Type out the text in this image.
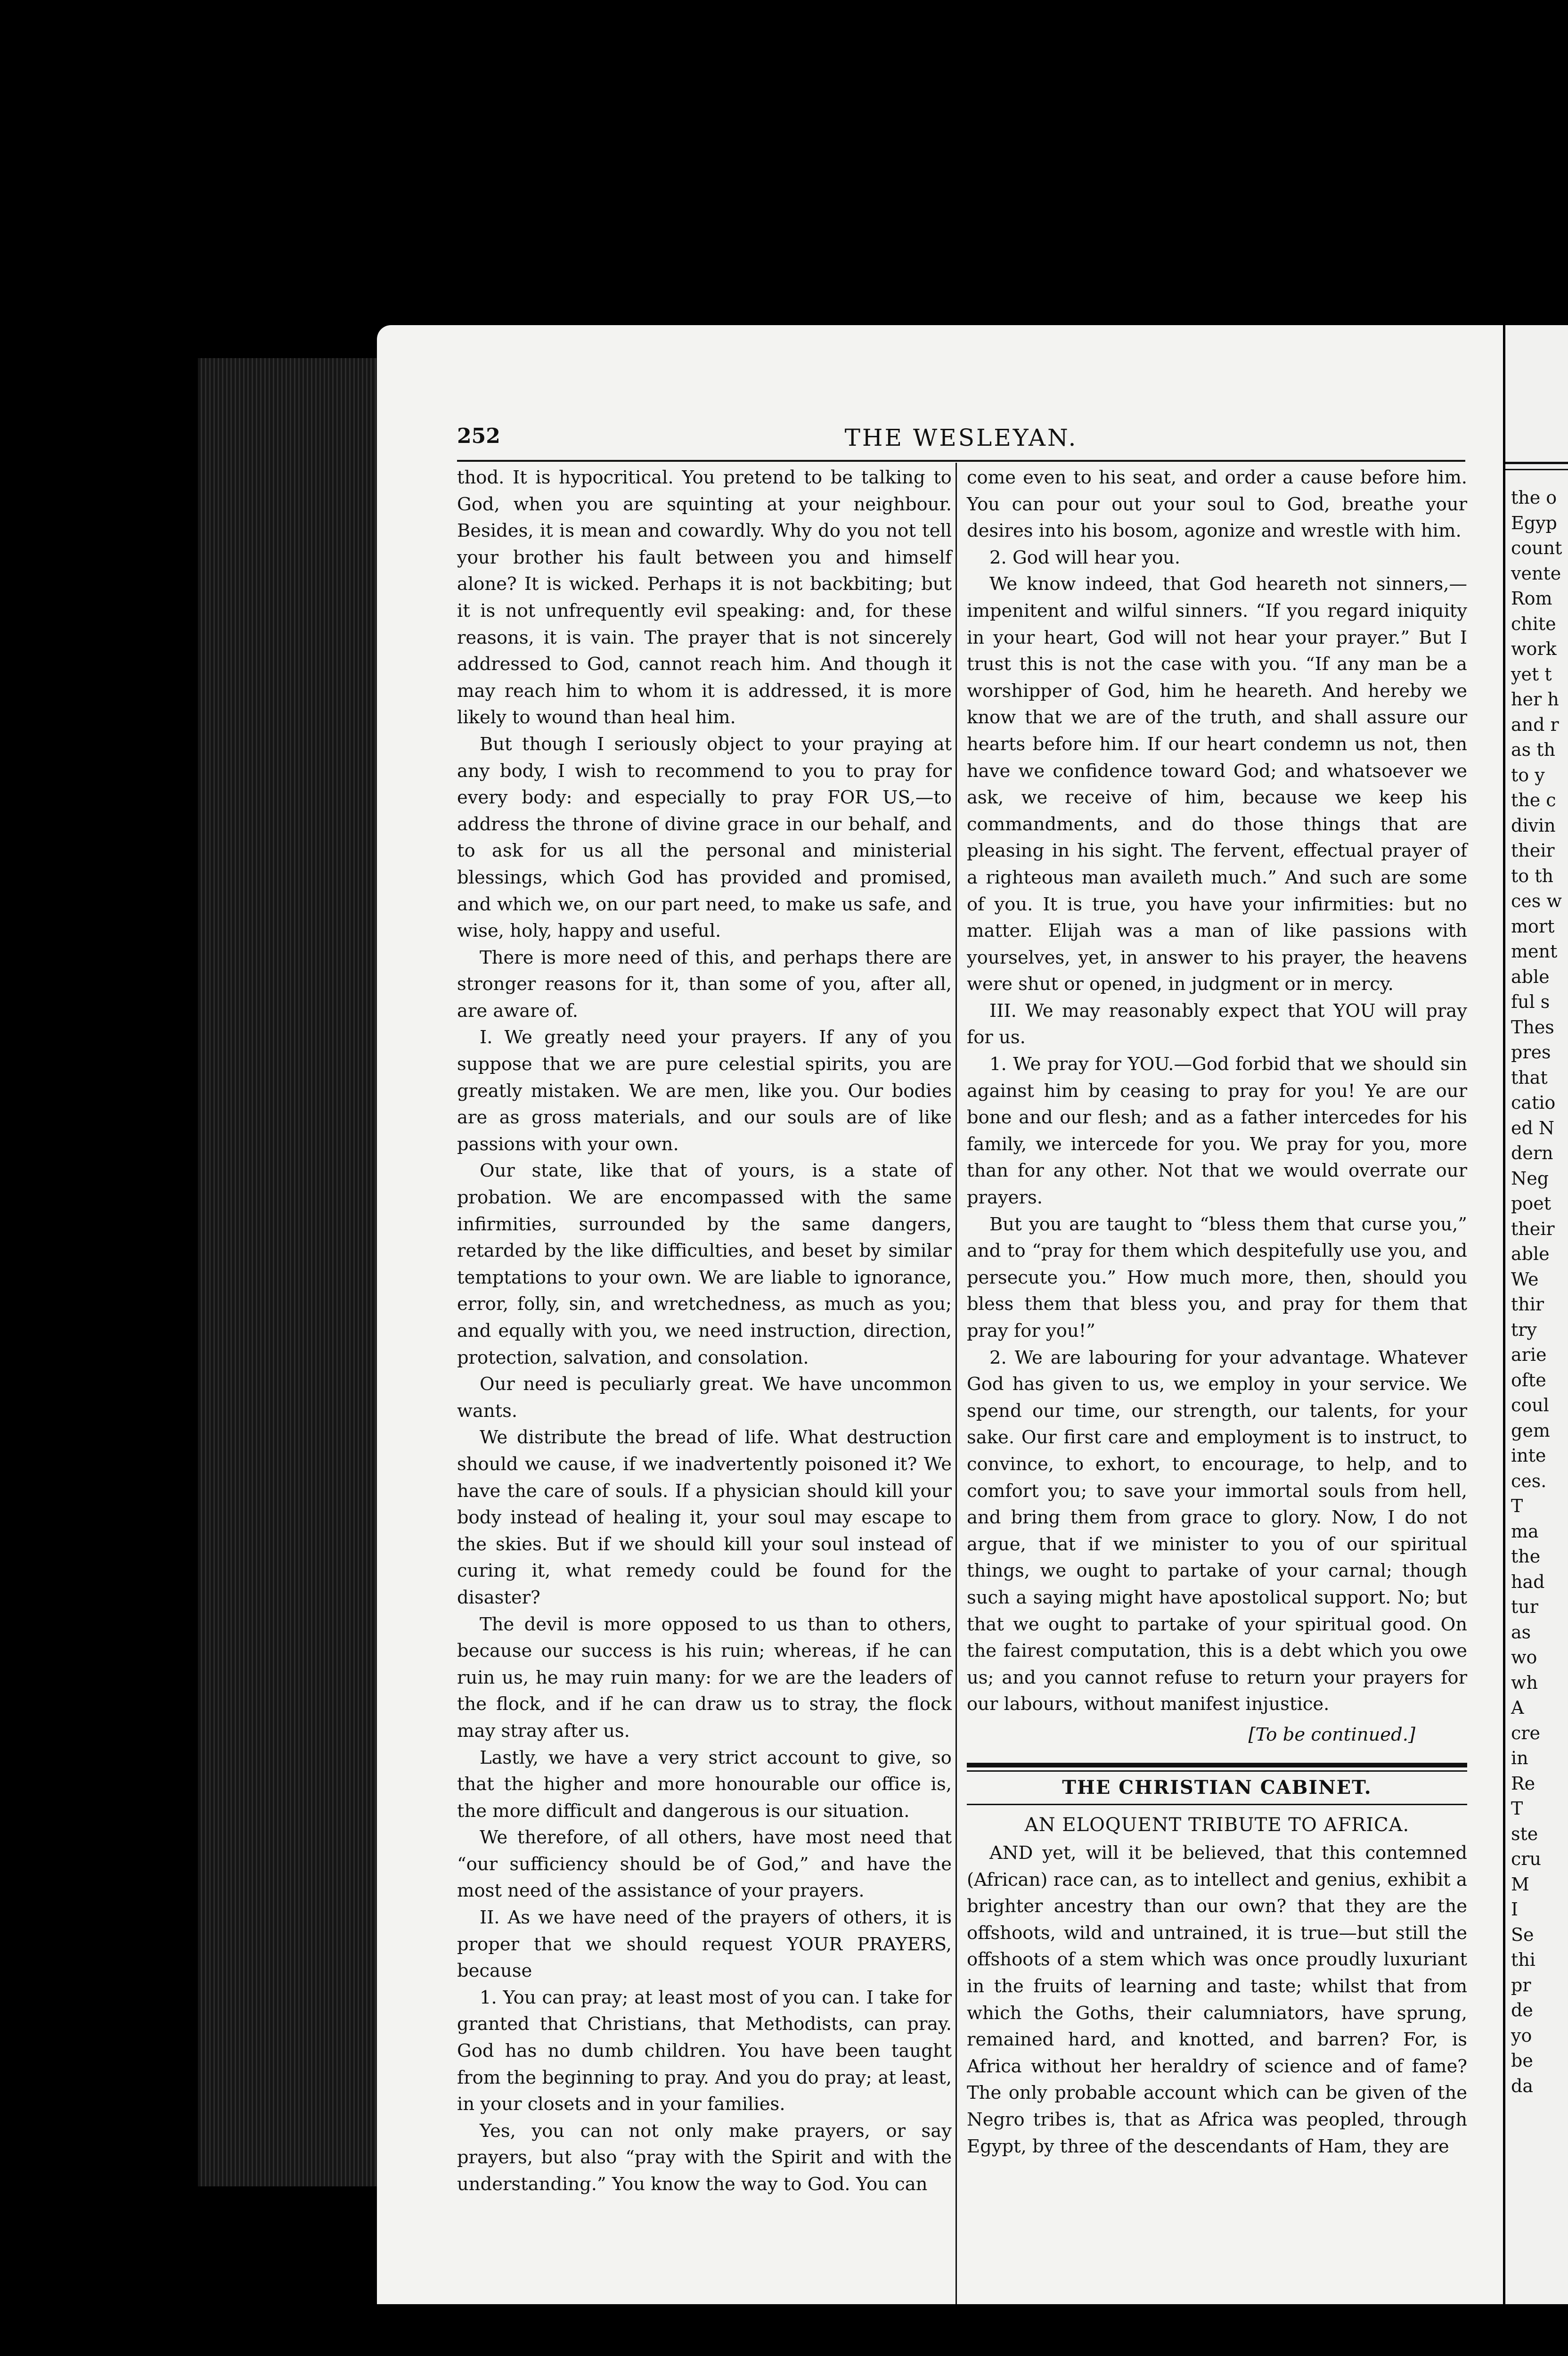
252	THE WESLEYAN.

thod. It is hypocritical. You pretend to be talking to God, when you are squinting at your neighbour. Besides, it is mean and cowardly. Why do you not tell your brother his fault between you and himself alone? It is wicked. Perhaps it is not backbiting; but it is not unfrequently evil speaking: and, for these reasons, it is vain. The prayer that is not sincerely addressed to God, cannot reach him. And though it may reach him to whom it is addressed, it is more likely to wound than heal him.

But though I seriously object to your praying at any body, I wish to recommend to you to pray for every body: and especially to pray FOR US,—to address the throne of divine grace in our behalf, and to ask for us all the personal and ministerial blessings, which God has provided and promised, and which we, on our part need, to make us safe, and wise, holy, happy and useful.

There is more need of this, and perhaps there are stronger reasons for it, than some of you, after all, are aware of.

I. We greatly need your prayers. If any of you suppose that we are pure celestial spirits, you are greatly mistaken. We are men, like you. Our bodies are as gross materials, and our souls are of like passions with your own.

Our state, like that of yours, is a state of probation. We are encompassed with the same infirmities, surrounded by the same dangers, retarded by the like difficulties, and beset by similar temptations to your own. We are liable to ignorance, error, folly, sin, and wretchedness, as much as you; and equally with you, we need instruction, direction, protection, salvation, and consolation.

Our need is peculiarly great. We have uncommon wants.

We distribute the bread of life. What destruction should we cause, if we inadvertently poisoned it? We have the care of souls. If a physician should kill your body instead of healing it, your soul may escape to the skies. But if we should kill your soul instead of curing it, what remedy could be found for the disaster?

The devil is more opposed to us than to others, because our success is his ruin; whereas, if he can ruin us, he may ruin many: for we are the leaders of the flock, and if he can draw us to stray, the flock may stray after us.

Lastly, we have a very strict account to give, so that the higher and more honourable our office is, the more difficult and dangerous is our situation.

We therefore, of all others, have most need that “our sufficiency should be of God,” and have the most need of the assistance of your prayers.

II. As we have need of the prayers of others, it is proper that we should request YOUR PRAYERS, because

1. You can pray; at least most of you can. I take for granted that Christians, that Methodists, can pray. God has no dumb children. You have been taught from the beginning to pray. And you do pray; at least, in your closets and in your families.

Yes, you can not only make prayers, or say prayers, but also “pray with the Spirit and with the understanding.” You know the way to God. You can

come even to his seat, and order a cause before him. You can pour out your soul to God, breathe your desires into his bosom, agonize and wrestle with him.

2. God will hear you.

We know indeed, that God heareth not sinners,—impenitent and wilful sinners. “If you regard iniquity in your heart, God will not hear your prayer.” But I trust this is not the case with you. “If any man be a worshipper of God, him he heareth. And hereby we know that we are of the truth, and shall assure our hearts before him. If our heart condemn us not, then have we confidence toward God; and whatsoever we ask, we receive of him, because we keep his commandments, and do those things that are pleasing in his sight. The fervent, effectual prayer of a righteous man availeth much.” And such are some of you. It is true, you have your infirmities: but no matter. Elijah was a man of like passions with yourselves, yet, in answer to his prayer, the heavens were shut or opened, in judgment or in mercy.

III. We may reasonably expect that YOU will pray for us.

1. We pray for YOU.—God forbid that we should sin against him by ceasing to pray for you! Ye are our bone and our flesh; and as a father intercedes for his family, we intercede for you. We pray for you, more than for any other. Not that we would overrate our prayers.

But you are taught to “bless them that curse you,” and to “pray for them which despitefully use you, and persecute you.” How much more, then, should you bless them that bless you, and pray for them that pray for you!”

2. We are labouring for your advantage. Whatever God has given to us, we employ in your service. We spend our time, our strength, our talents, for your sake. Our first care and employment is to instruct, to convince, to exhort, to encourage, to help, and to comfort you; to save your immortal souls from hell, and bring them from grace to glory. Now, I do not argue, that if we minister to you of our spiritual things, we ought to partake of your carnal; though such a saying might have apostolical support. No; but that we ought to partake of your spiritual good. On the fairest computation, this is a debt which you owe us; and you cannot refuse to return your prayers for our labours, without manifest injustice.

[To be continued.]
THE CHRISTIAN CABINET.
AN ELOQUENT TRIBUTE TO AFRICA.

AND yet, will it be believed, that this contemned (African) race can, as to intellect and genius, exhibit a brighter ancestry than our own? that they are the offshoots, wild and untrained, it is true—but still the offshoots of a stem which was once proudly luxuriant in the fruits of learning and taste; whilst that from which the Goths, their calumniators, have sprung, remained hard, and knotted, and barren? For, is Africa without her heraldry of science and of fame? The only probable account which can be given of the Negro tribes is, that as Africa was peopled, through Egypt, by three of the descendants of Ham, they are

the o
Egyp
count
vente
Rom
chite
work
yet t
her h
and r
as th
to y
the c
divin
their
to th
ces w
mort
ment
able
ful s
Thes
pres
that
catio
ed N
dern
Neg
poet
their
able
We
thir
try
arie
ofte
coul
gem
inte
ces.
T
ma
the
had
tur
as
wo
wh
A
cre
in
Re
T
ste
cru
M
I
Se
thi
pr
de
yo
be
da
